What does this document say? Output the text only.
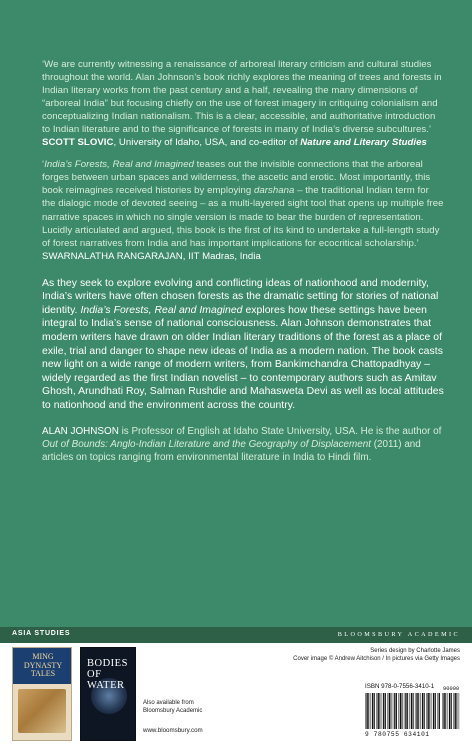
‘We are currently witnessing a renaissance of arboreal literary criticism and cultural studies throughout the world. Alan Johnson’s book richly explores the meaning of trees and forests in Indian literary works from the past century and a half, revealing the many dimensions of “arboreal India” but focusing chiefly on the use of forest imagery in critiquing colonialism and conceptualizing Indian nationalism. This is a clear, accessible, and authoritative introduction to Indian literature and to the significance of forests in many of India’s diverse subcultures.’ SCOTT SLOVIC, University of Idaho, USA, and co-editor of Nature and Literary Studies

‘India’s Forests, Real and Imagined teases out the invisible connections that the arboreal forges between urban spaces and wilderness, the ascetic and erotic. Most importantly, this book reimagines received histories by employing darshana – the traditional Indian term for the dialogic mode of devoted seeing – as a multi-layered sight tool that opens up multiple free narrative spaces in which no single version is made to bear the burden of representation. Lucidly articulated and argued, this book is the first of its kind to undertake a full-length study of forest narratives from India and has important implications for ecocritical scholarship.’
SWARNALATHA RANGARAJAN, IIT Madras, India

As they seek to explore evolving and conflicting ideas of nationhood and modernity, India’s writers have often chosen forests as the dramatic setting for stories of national identity. India’s Forests, Real and Imagined explores how these settings have been integral to India’s sense of national consciousness. Alan Johnson demonstrates that modern writers have drawn on older Indian literary traditions of the forest as a place of exile, trial and danger to shape new ideas of India as a modern nation. The book casts new light on a wide range of modern writers, from Bankimchandra Chattopadhyay – widely regarded as the first Indian novelist – to contemporary authors such as Amitav Ghosh, Arundhati Roy, Salman Rushdie and Mahasweta Devi as well as local attitudes to nationhood and the environment across the country.

ALAN JOHNSON is Professor of English at Idaho State University, USA. He is the author of Out of Bounds: Anglo-Indian Literature and the Geography of Displacement (2011) and articles on topics ranging from environmental literature in India to Hindi film.

ASIA STUDIES	BLOOMSBURY ACADEMIC
MING DYNASTY TALES
BODIES OF WATER
Also available from
Bloomsbury Academic
www.bloomsbury.com
Series design by Charlotte James
Cover image © Andrew Aitchison / In pictures via Getty Images
ISBN 978-0-7556-3410-1 90000
9 780755 634101
